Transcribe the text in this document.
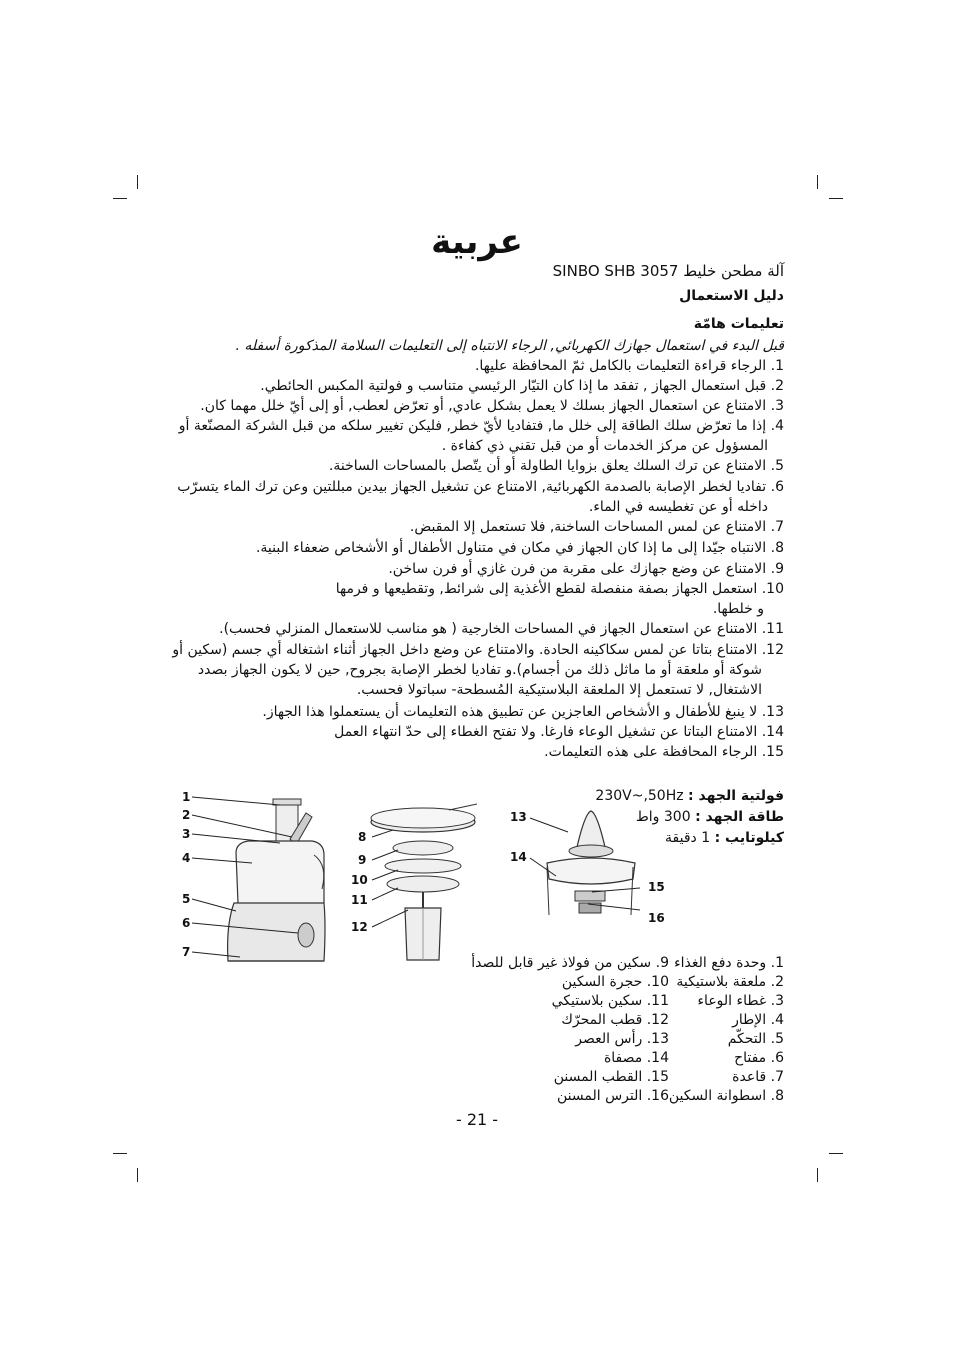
عربية
آلة مطحن خليط SINBO SHB 3057
دليل الاستعمال
تعليمات هامّة
قبل البدء في استعمال جهازك الكهربائي, الرجاء الانتباه إلى التعليمات السلامة المذكورة أسفله .
1. الرجاء قراءة التعليمات بالكامل ثمّ المحافظة عليها.
2. قبل استعمال الجهاز , تفقد ما إذا كان التيّار الرئيسي متناسب و فولتية المكبس الحائطي.
3. الامتناع عن استعمال الجهاز بسلك لا يعمل بشكل عادي, أو تعرّض لعطب, أو إلى أيّ خلل مهما كان.
4. إذا ما تعرّض سلك الطاقة إلى خلل ما, فتفاديا لأيّ خطر, فليكن تغيير سلكه من قبل الشركة المصنّعة أو
المسؤول عن مركز الخدمات أو من قبل تقني ذي كفاءة .
5. الامتناع عن ترك السلك يعلق بزوايا الطاولة أو أن يتّصل بالمساحات الساخنة.
6. تفاديا لخطر الإصابة بالصدمة الكهربائية, الامتناع عن تشغيل الجهاز بيدين مبللتين وعن ترك الماء يتسرّب
داخله أو عن تغطيسه في الماء.
7. الامتناع عن لمس المساحات الساخنة, فلا تستعمل إلا المقبض.
8. الانتباه جيّدا إلى ما إذا كان الجهاز في مكان في متناول الأطفال أو الأشخاص ضعفاء البنية.
9. الامتناع عن وضع جهازك على مقربة من فرن غازي أو فرن ساخن.
10. استعمل الجهاز بصفة منفصلة لقطع الأغذية إلى شرائط, وتقطيعها و فرمها
و خلطها.
11. الامتناع عن استعمال الجهاز في المساحات الخارجية ( هو مناسب للاستعمال المنزلي فحسب).
12. الامتناع بتاتا عن لمس سكاكينه الحادة. والامتناع عن وضع داخل الجهاز أثناء اشتغاله أي جسم (سكين أو
شوكة أو ملعقة أو ما ماثل ذلك من أجسام).و تفاديا لخطر الإصابة بجروح, حين لا يكون الجهاز بصدد
الاشتغال, لا تستعمل إلا الملعقة البلاستيكية المُسطحة- سباتولا فحسب.
13. لا ينبغ للأطفال و الأشخاص العاجزين عن تطبيق هذه التعليمات أن يستعملوا هذا الجهاز.
14. الامتناع البتاتا عن تشغيل الوعاء فارغا. ولا تفتح الغطاء إلى حدّ انتهاء العمل
15. الرجاء المحافظة على هذه التعليمات.
فولتية الجهد : 230V~,50Hz
طاقة الجهد : 300 واط
كيلوتايب : 1 دقيقة
1
2
3
4
5
6
7
8
9
10
11
12
13
14
15
16
1. وحدة دفع الغذاء
2. ملعقة بلاستيكية
3. غطاء الوعاء
4. الإطار
5. التحكّم
6. مفتاح
7. قاعدة
8. اسطوانة السكين
9. سكين من فولاذ غير قابل للصدأ
10. حجرة السكين
11. سكين بلاستيكي
12. قطب المحرّك
13. رأس العصر
14. مصفاة
15. القطب المسنن
16. الترس المسنن
- 21 -
